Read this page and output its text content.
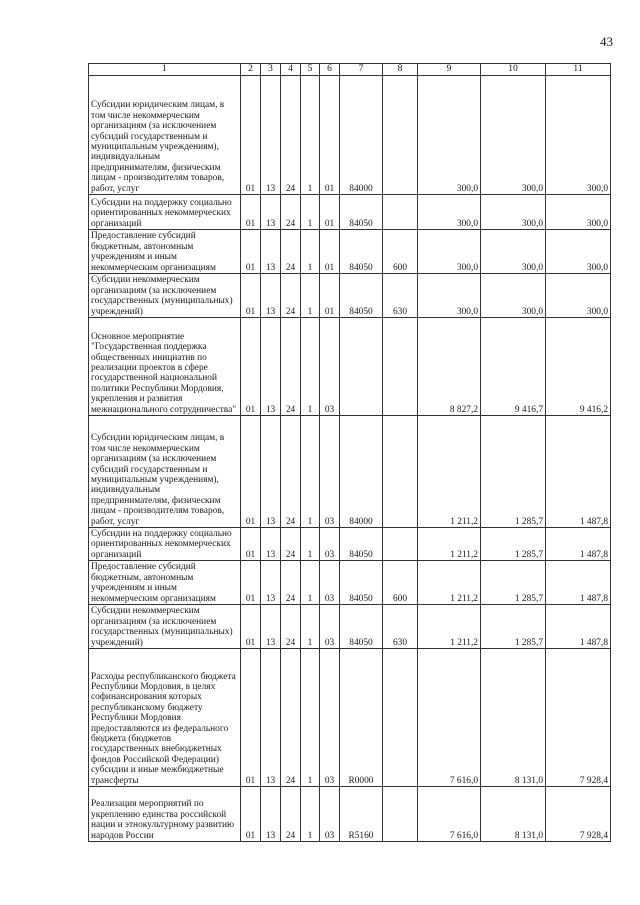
43
1	2	3	4	5	6	7	8	9	10	11
Субсидии юридическим лицам, в том числе некоммерческим организациям (за исключением субсидий государственным и муниципальным учреждениям), индивидуальным предпринимателям, физическим лицам - производителям товаров, работ, услуг	01	13	24	1	01	84000		300,0	300,0	300,0
Субсидии на поддержку социально ориентированных некоммерческих организаций	01	13	24	1	01	84050		300,0	300,0	300,0
Предоставление субсидий бюджетным, автономным учреждениям и иным некоммерческим организациям	01	13	24	1	01	84050	600	300,0	300,0	300,0
Субсидии некоммерческим организациям (за исключением государственных (муниципальных) учреждений)	01	13	24	1	01	84050	630	300,0	300,0	300,0
Основное мероприятие "Государственная поддержка общественных инициатив по реализации проектов в сфере государственной национальной политики Республики Мордовия, укрепления и развития межнационального сотрудничества"	01	13	24	1	03			8 827,2	9 416,7	9 416,2
Субсидии юридическим лицам, в том числе некоммерческим организациям (за исключением субсидий государственным и муниципальным учреждениям), индивидуальным предпринимателям, физическим лицам - производителям товаров, работ, услуг	01	13	24	1	03	84000		1 211,2	1 285,7	1 487,8
Субсидии на поддержку социально ориентированных некоммерческих организаций	01	13	24	1	03	84050		1 211,2	1 285,7	1 487,8
Предоставление субсидий бюджетным, автономным учреждениям и иным некоммерческим организациям	01	13	24	1	03	84050	600	1 211,2	1 285,7	1 487,8
Субсидии некоммерческим организациям (за исключением государственных (муниципальных) учреждений)	01	13	24	1	03	84050	630	1 211,2	1 285,7	1 487,8
Расходы республиканского бюджета Республики Мордовия, в целях софинансирования которых республиканскому бюджету Республики Мордовия предоставляются из федерального бюджета (бюджетов государственных внебюджетных фондов Российской Федерации) субсидии и иные межбюджетные трансферты	01	13	24	1	03	R0000		7 616,0	8 131,0	7 928,4
Реализация мероприятий по укреплению единства российской нации и этнокультурному развитию народов России	01	13	24	1	03	R5160		7 616,0	8 131,0	7 928,4
